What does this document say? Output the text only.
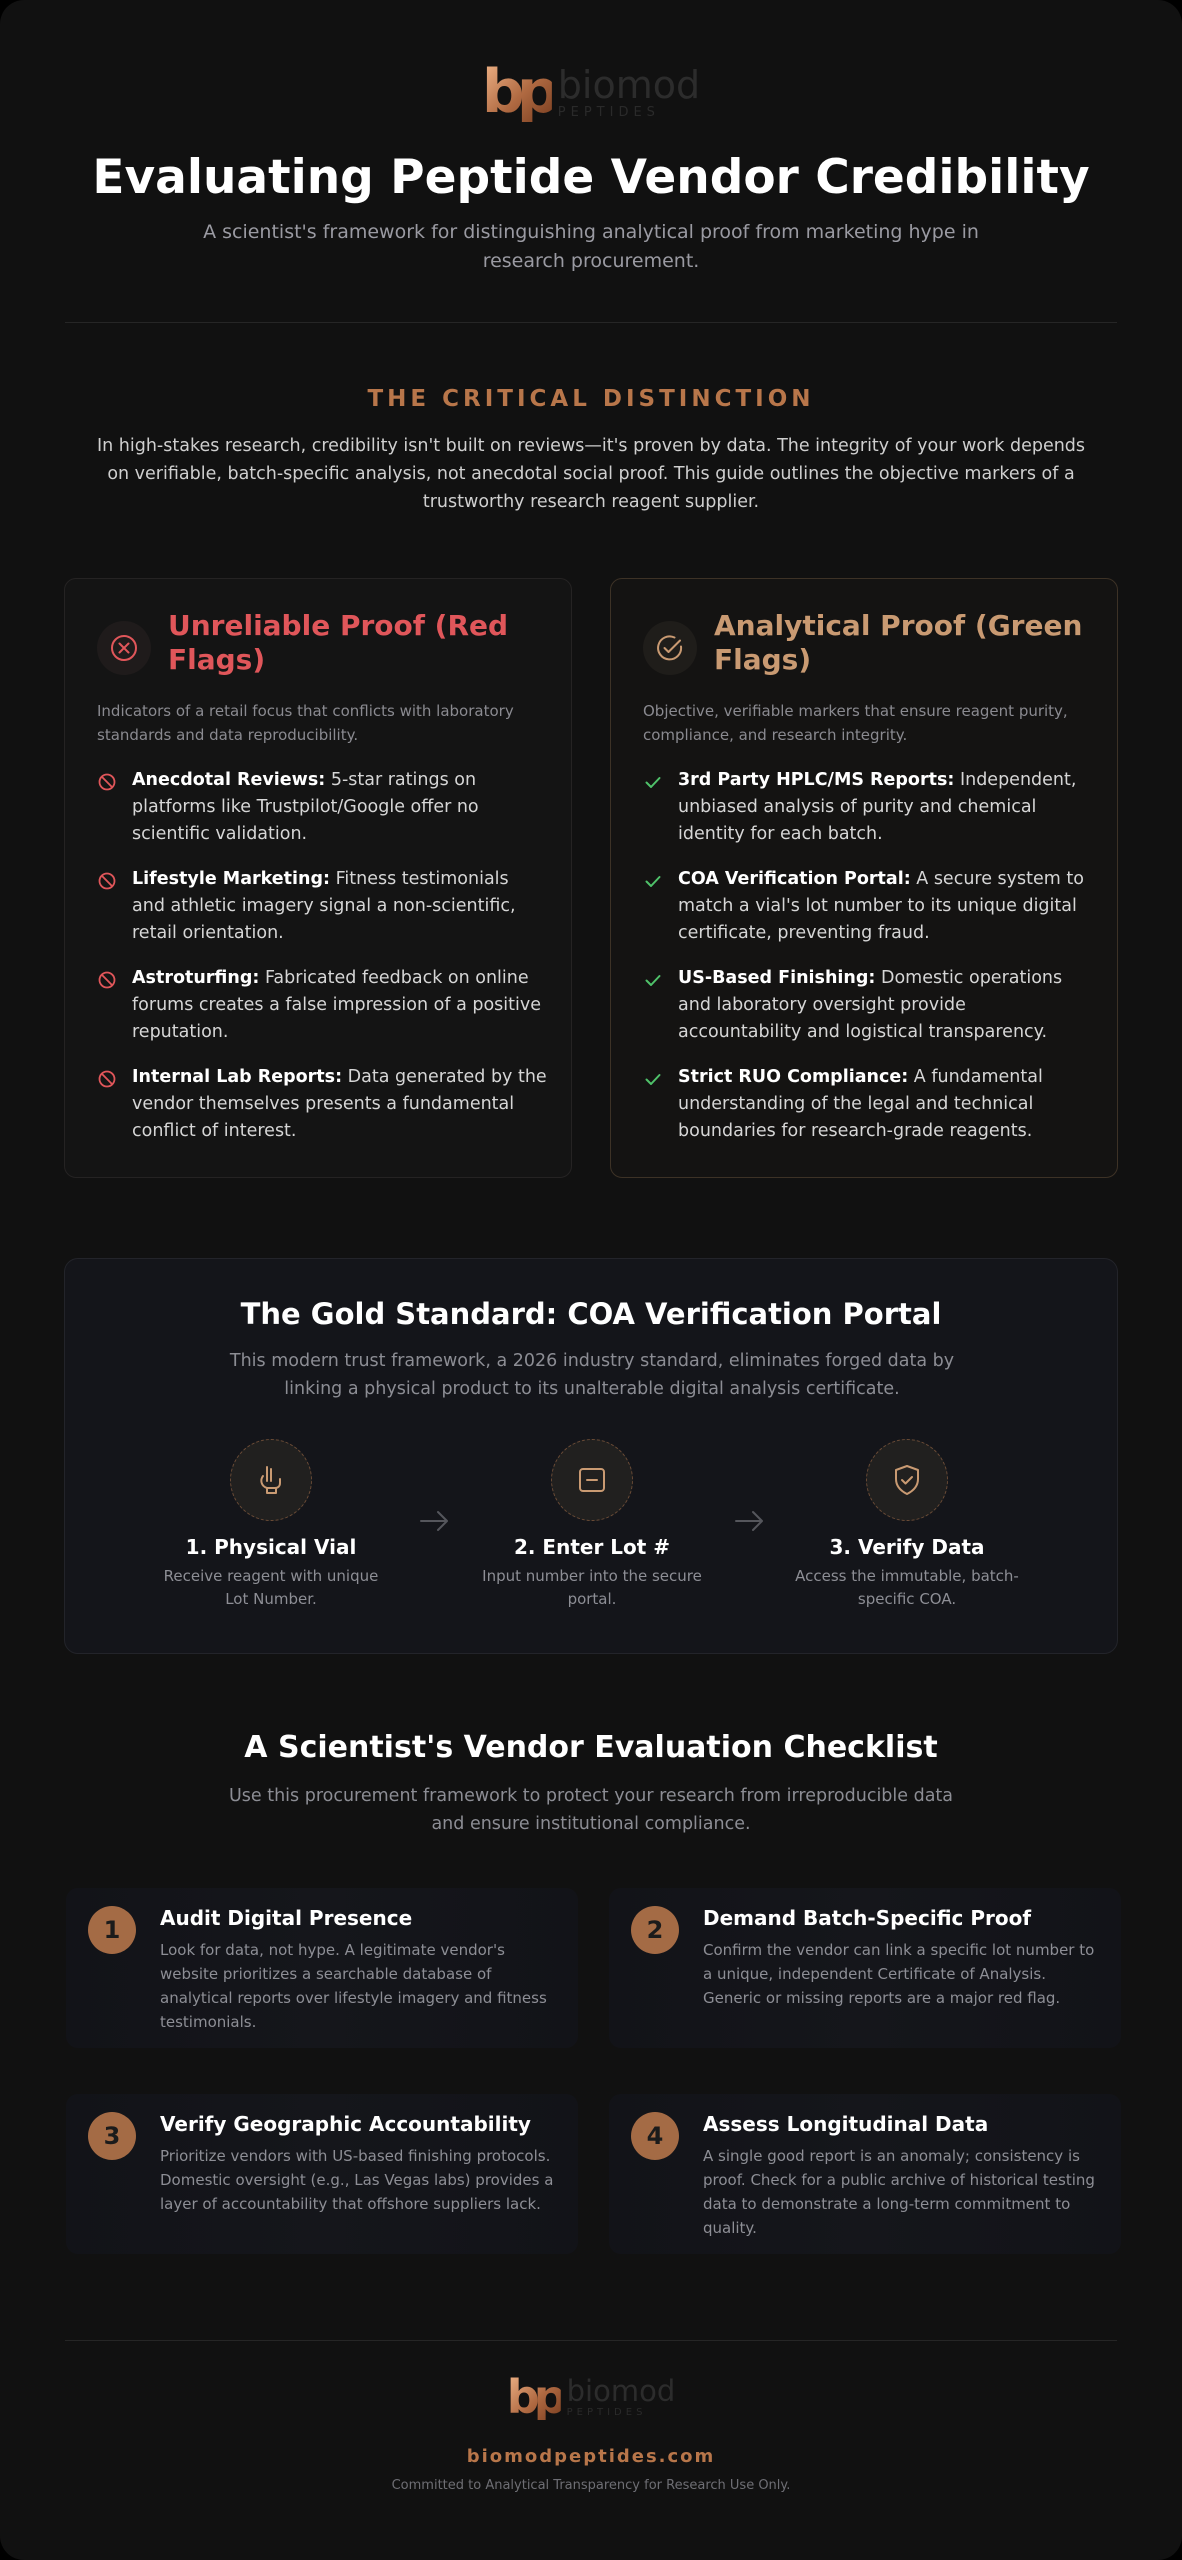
bp biomod
PEPTIDES
Evaluating Peptide Vendor Credibility

A scientist's framework for distinguishing analytical proof from marketing hype in research procurement.

THE CRITICAL DISTINCTION

In high-stakes research, credibility isn't built on reviews—it's proven by data. The integrity of your work depends on verifiable, batch-specific analysis, not anecdotal social proof. This guide outlines the objective markers of a trustworthy research reagent supplier.

Unreliable Proof (Red Flags)

Indicators of a retail focus that conflicts with laboratory standards and data reproducibility.

Anecdotal Reviews: 5-star ratings on platforms like Trustpilot/Google offer no scientific validation.
Lifestyle Marketing: Fitness testimonials and athletic imagery signal a non-scientific, retail orientation.
Astroturfing: Fabricated feedback on online forums creates a false impression of a positive reputation.
Internal Lab Reports: Data generated by the vendor themselves presents a fundamental conflict of interest.
Analytical Proof (Green Flags)

Objective, verifiable markers that ensure reagent purity, compliance, and research integrity.

3rd Party HPLC/MS Reports: Independent, unbiased analysis of purity and chemical identity for each batch.
COA Verification Portal: A secure system to match a vial's lot number to its unique digital certificate, preventing fraud.
US-Based Finishing: Domestic operations and laboratory oversight provide accountability and logistical transparency.
Strict RUO Compliance: A fundamental understanding of the legal and technical boundaries for research-grade reagents.
The Gold Standard: COA Verification Portal

This modern trust framework, a 2026 industry standard, eliminates forged data by linking a physical product to its unalterable digital analysis certificate.

1. Physical Vial
Receive reagent with unique Lot Number.
2. Enter Lot #
Input number into the secure portal.
3. Verify Data
Access the immutable, batch-specific COA.
A Scientist's Vendor Evaluation Checklist

Use this procurement framework to protect your research from irreproducible data and ensure institutional compliance.

1	Audit Digital Presence
Look for data, not hype. A legitimate vendor's website prioritizes a searchable database of analytical reports over lifestyle imagery and fitness testimonials.
2	Demand Batch-Specific Proof
Confirm the vendor can link a specific lot number to a unique, independent Certificate of Analysis. Generic or missing reports are a major red flag.
3	Verify Geographic Accountability
Prioritize vendors with US-based finishing protocols. Domestic oversight (e.g., Las Vegas labs) provides a layer of accountability that offshore suppliers lack.
4	Assess Longitudinal Data
A single good report is an anomaly; consistency is proof. Check for a public archive of historical testing data to demonstrate a long-term commitment to quality.
bp biomod
PEPTIDES
biomodpeptides.com
Committed to Analytical Transparency for Research Use Only.
